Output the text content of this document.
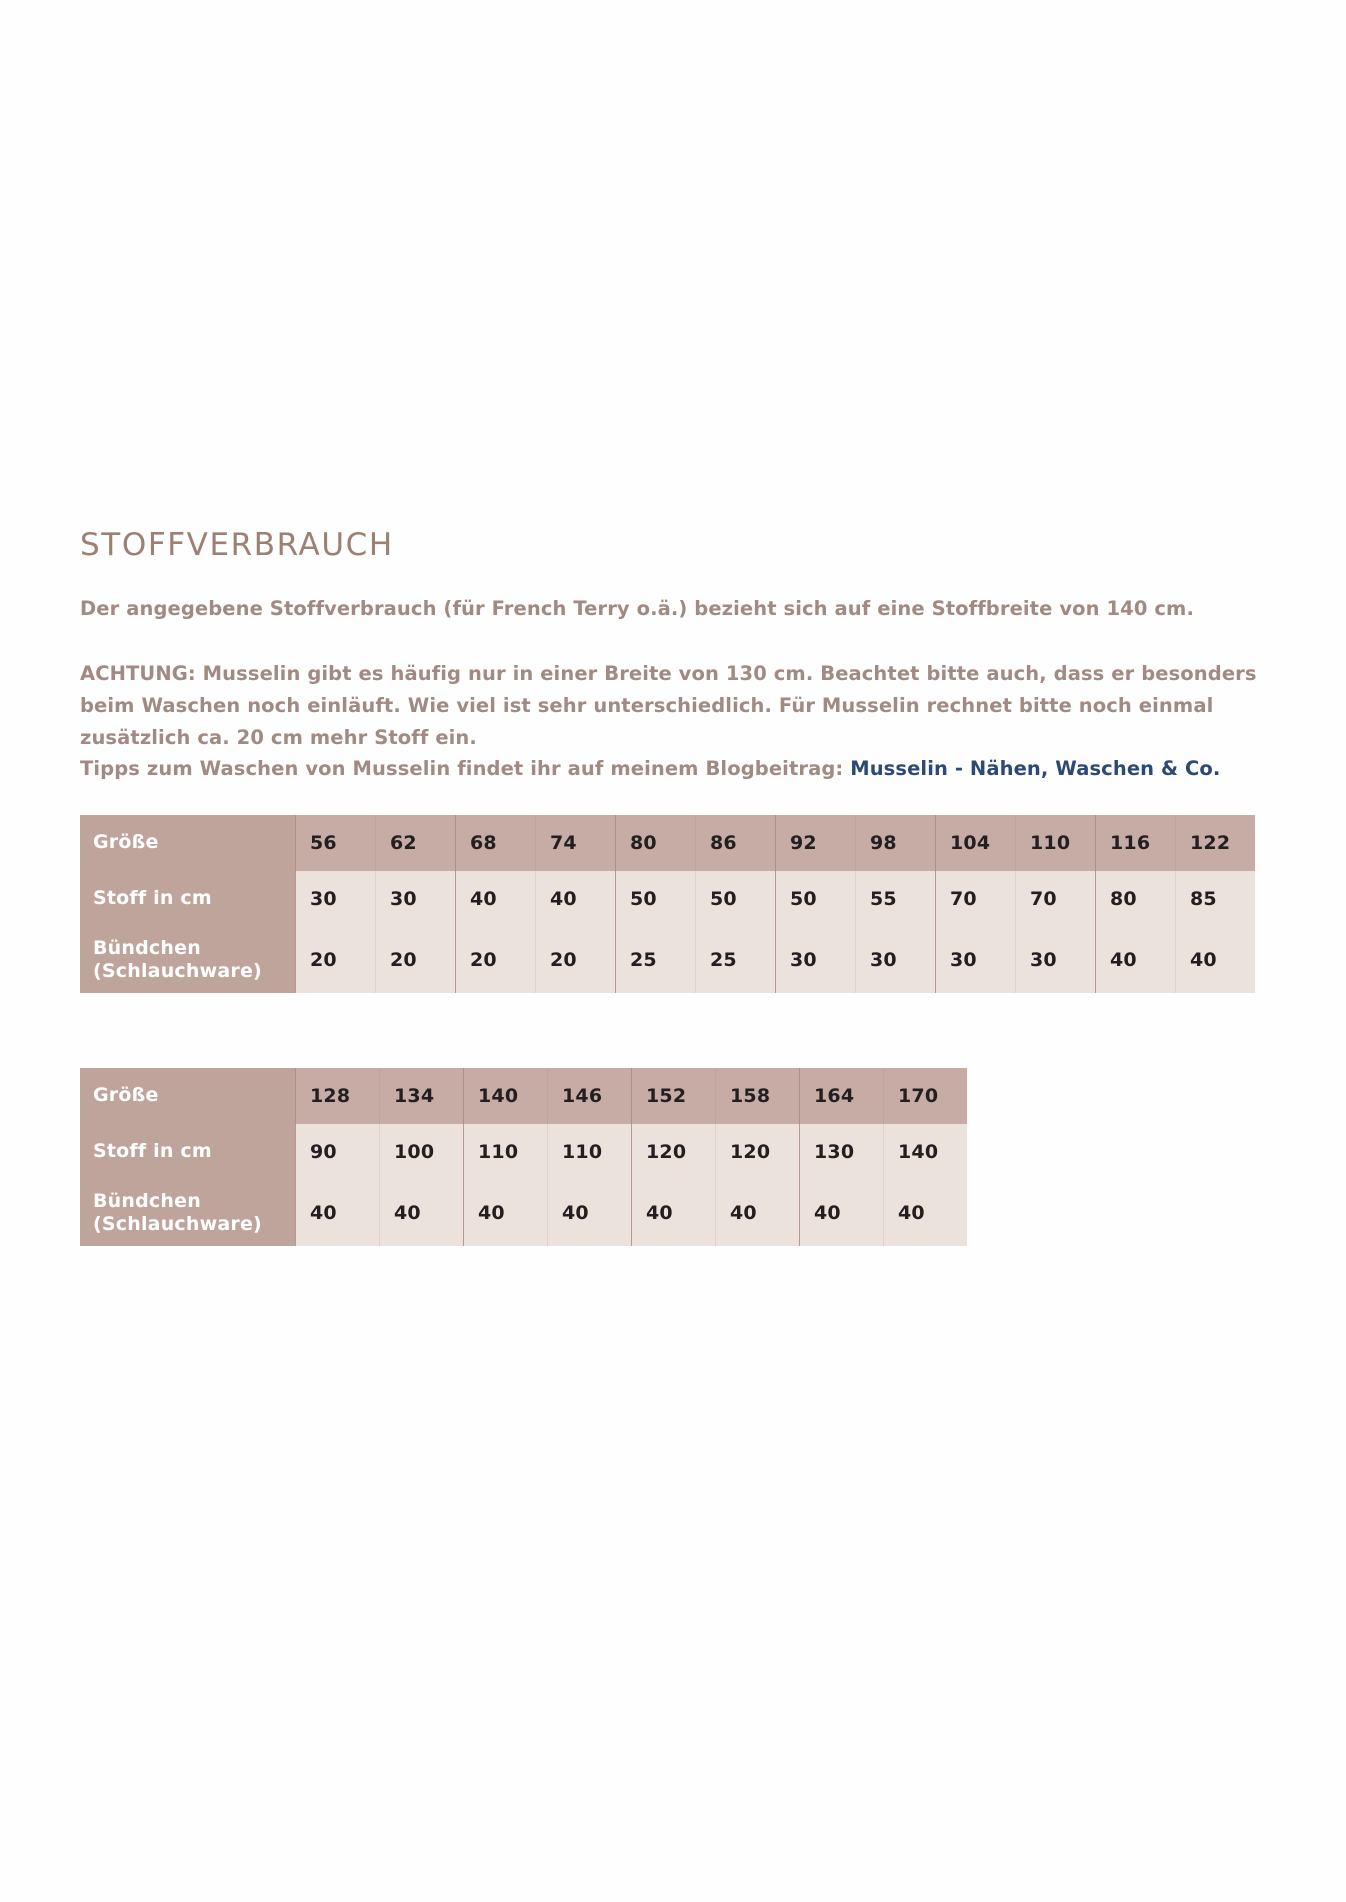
STOFFVERBRAUCH

Der angegebene Stoffverbrauch (für French Terry o.ä.) bezieht sich auf eine Stoffbreite von 140 cm.

ACHTUNG: Musselin gibt es häufig nur in einer Breite von 130 cm. Beachtet bitte auch, dass er besonders
beim Waschen noch einläuft. Wie viel ist sehr unterschiedlich. Für Musselin rechnet bitte noch einmal
zusätzlich ca. 20 cm mehr Stoff ein.
Tipps zum Waschen von Musselin findet ihr auf meinem Blogbeitrag: Musselin - Nähen, Waschen & Co.
Größe	56	62	68	74	80	86	92	98	104	110	116	122
Stoff in cm	30	30	40	40	50	50	50	55	70	70	80	85
Bündchen
(Schlauchware)	20	20	20	20	25	25	30	30	30	30	40	40
Größe	128	134	140	146	152	158	164	170
Stoff in cm	90	100	110	110	120	120	130	140
Bündchen
(Schlauchware)	40	40	40	40	40	40	40	40
